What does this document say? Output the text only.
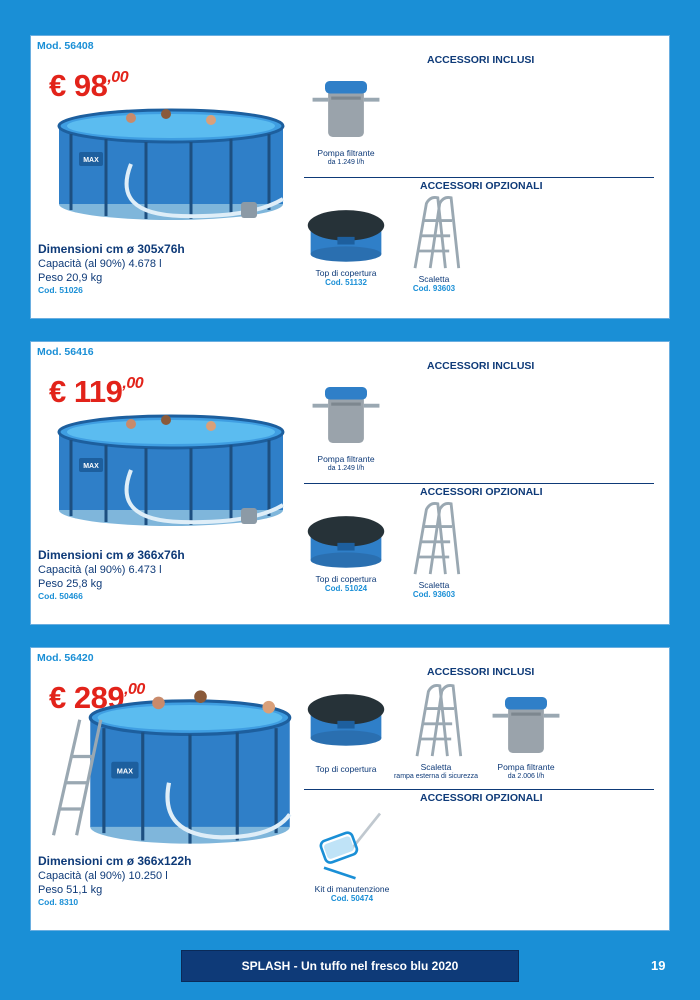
Mod. 56408
€ $98^{,00}$
Dimensioni cm ø 305x76h
Capacità (al 90%) 4.678 l
Peso 20,9 kg
Cod. 51026
ACCESSORI INCLUSI
Pompa filtrante
da 1.249 l/h
ACCESSORI OPZIONALI
Top di copertura
Cod. 51132	Scaletta
Cod. 93603
Mod. 56416
€ $119^{,00}$
Dimensioni cm ø 366x76h
Capacità (al 90%) 6.473 l
Peso 25,8 kg
Cod. 50466
ACCESSORI INCLUSI
Pompa filtrante
da 1.249 l/h
ACCESSORI OPZIONALI
Top di copertura
Cod. 51024	Scaletta
Cod. 93603
Mod. 56420
€ $289^{,00}$
Dimensioni cm ø 366x122h
Capacità (al 90%) 10.250 l
Peso 51,1 kg
Cod. 8310
ACCESSORI INCLUSI
Top di copertura	Scaletta
rampa esterna di sicurezza
Pompa filtrante
da 2.006 l/h
ACCESSORI OPZIONALI
Kit di manutenzione
Cod. 50474
SPLASH - Un tuffo nel fresco blu 2020	19
